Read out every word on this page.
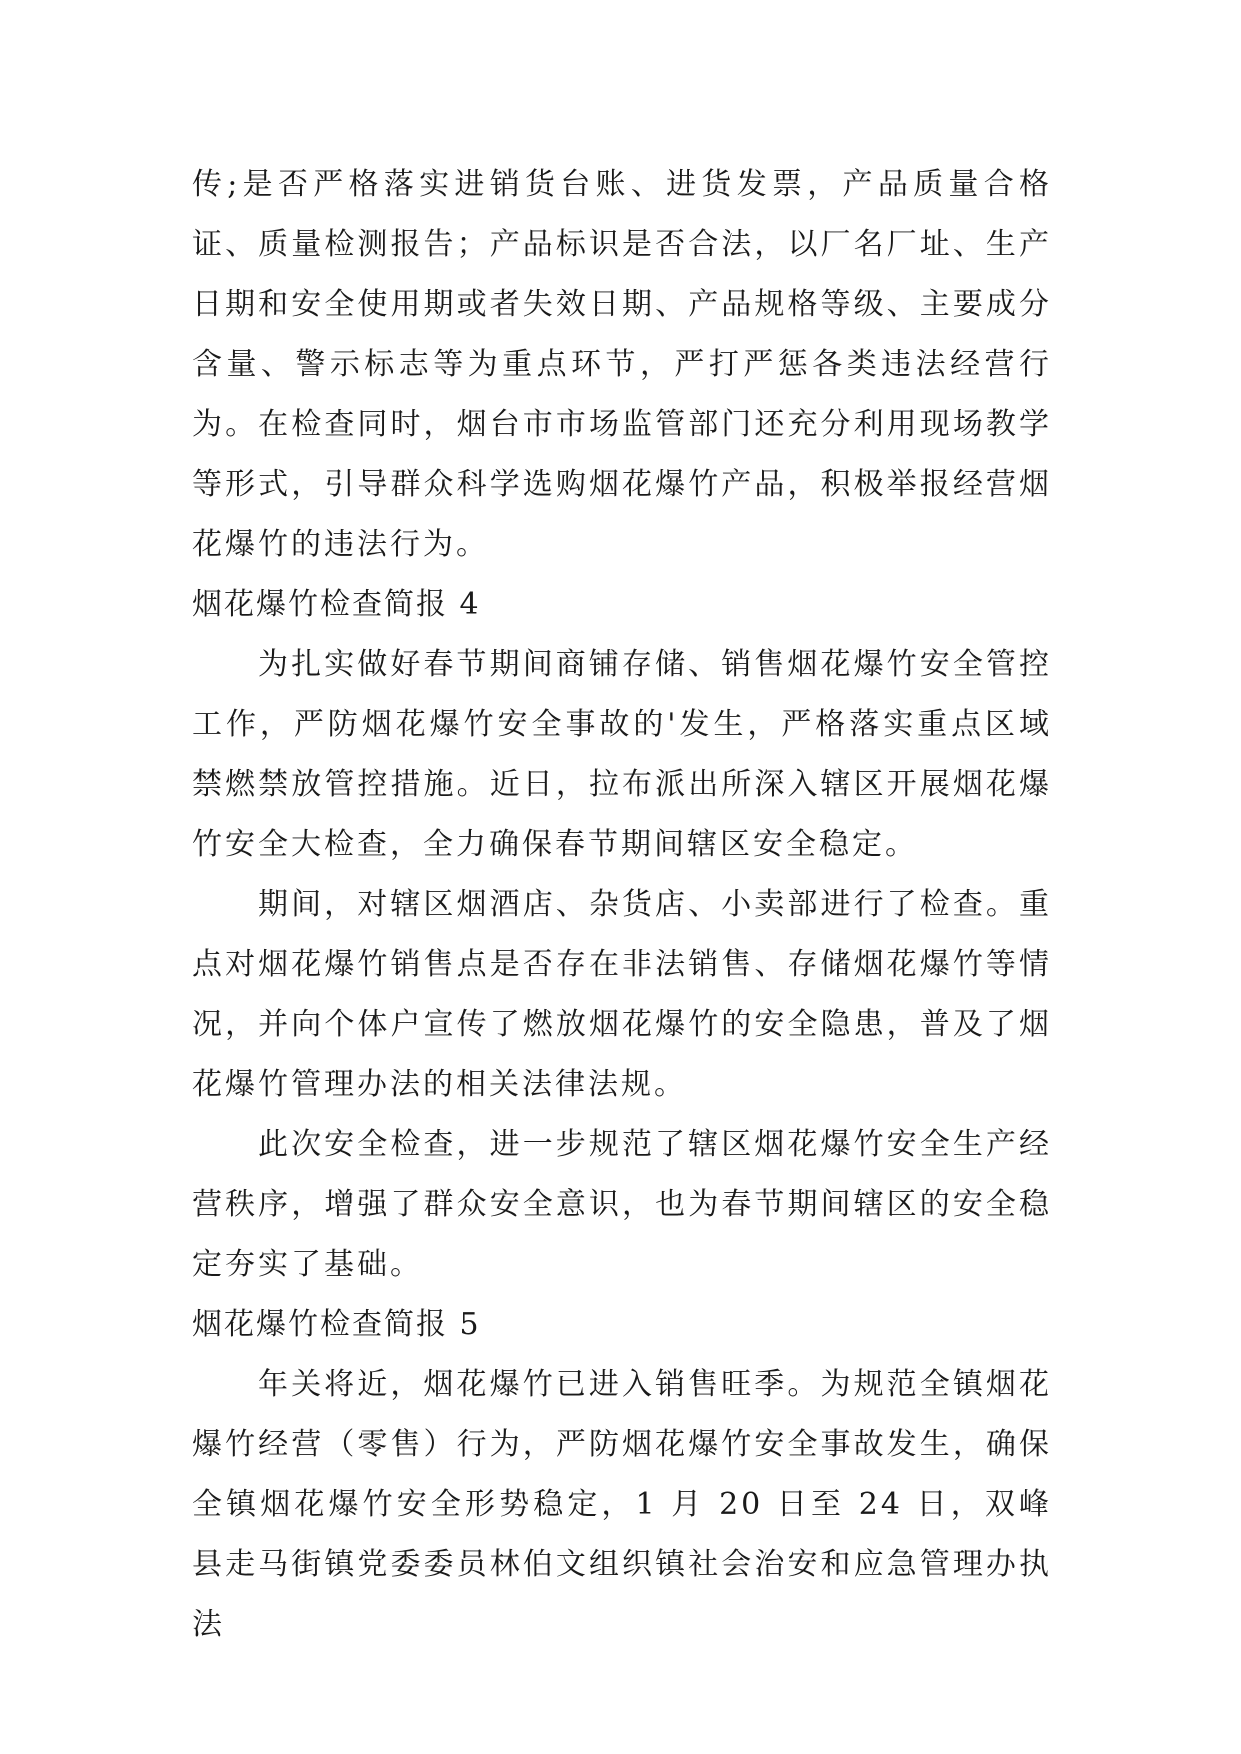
传;是否严格落实进销货台账、进货发票，产品质量合格证、质量检测报告；产品标识是否合法，以厂名厂址、生产日期和安全使用期或者失效日期、产品规格等级、主要成分含量、警示标志等为重点环节，严打严惩各类违法经营行为。在检查同时，烟台市市场监管部门还充分利用现场教学等形式，引导群众科学选购烟花爆竹产品，积极举报经营烟花爆竹的违法行为。

烟花爆竹检查简报 4

为扎实做好春节期间商铺存储、销售烟花爆竹安全管控工作，严防烟花爆竹安全事故的'发生，严格落实重点区域禁燃禁放管控措施。近日，拉布派出所深入辖区开展烟花爆竹安全大检查，全力确保春节期间辖区安全稳定。

期间，对辖区烟酒店、杂货店、小卖部进行了检查。重点对烟花爆竹销售点是否存在非法销售、存储烟花爆竹等情况，并向个体户宣传了燃放烟花爆竹的安全隐患，普及了烟花爆竹管理办法的相关法律法规。

此次安全检查，进一步规范了辖区烟花爆竹安全生产经营秩序，增强了群众安全意识，也为春节期间辖区的安全稳定夯实了基础。

烟花爆竹检查简报 5

年关将近，烟花爆竹已进入销售旺季。为规范全镇烟花爆竹经营（零售）行为，严防烟花爆竹安全事故发生，确保全镇烟花爆竹安全形势稳定，1 月 20 日至 24 日，双峰县走马街镇党委委员林伯文组织镇社会治安和应急管理办执法
